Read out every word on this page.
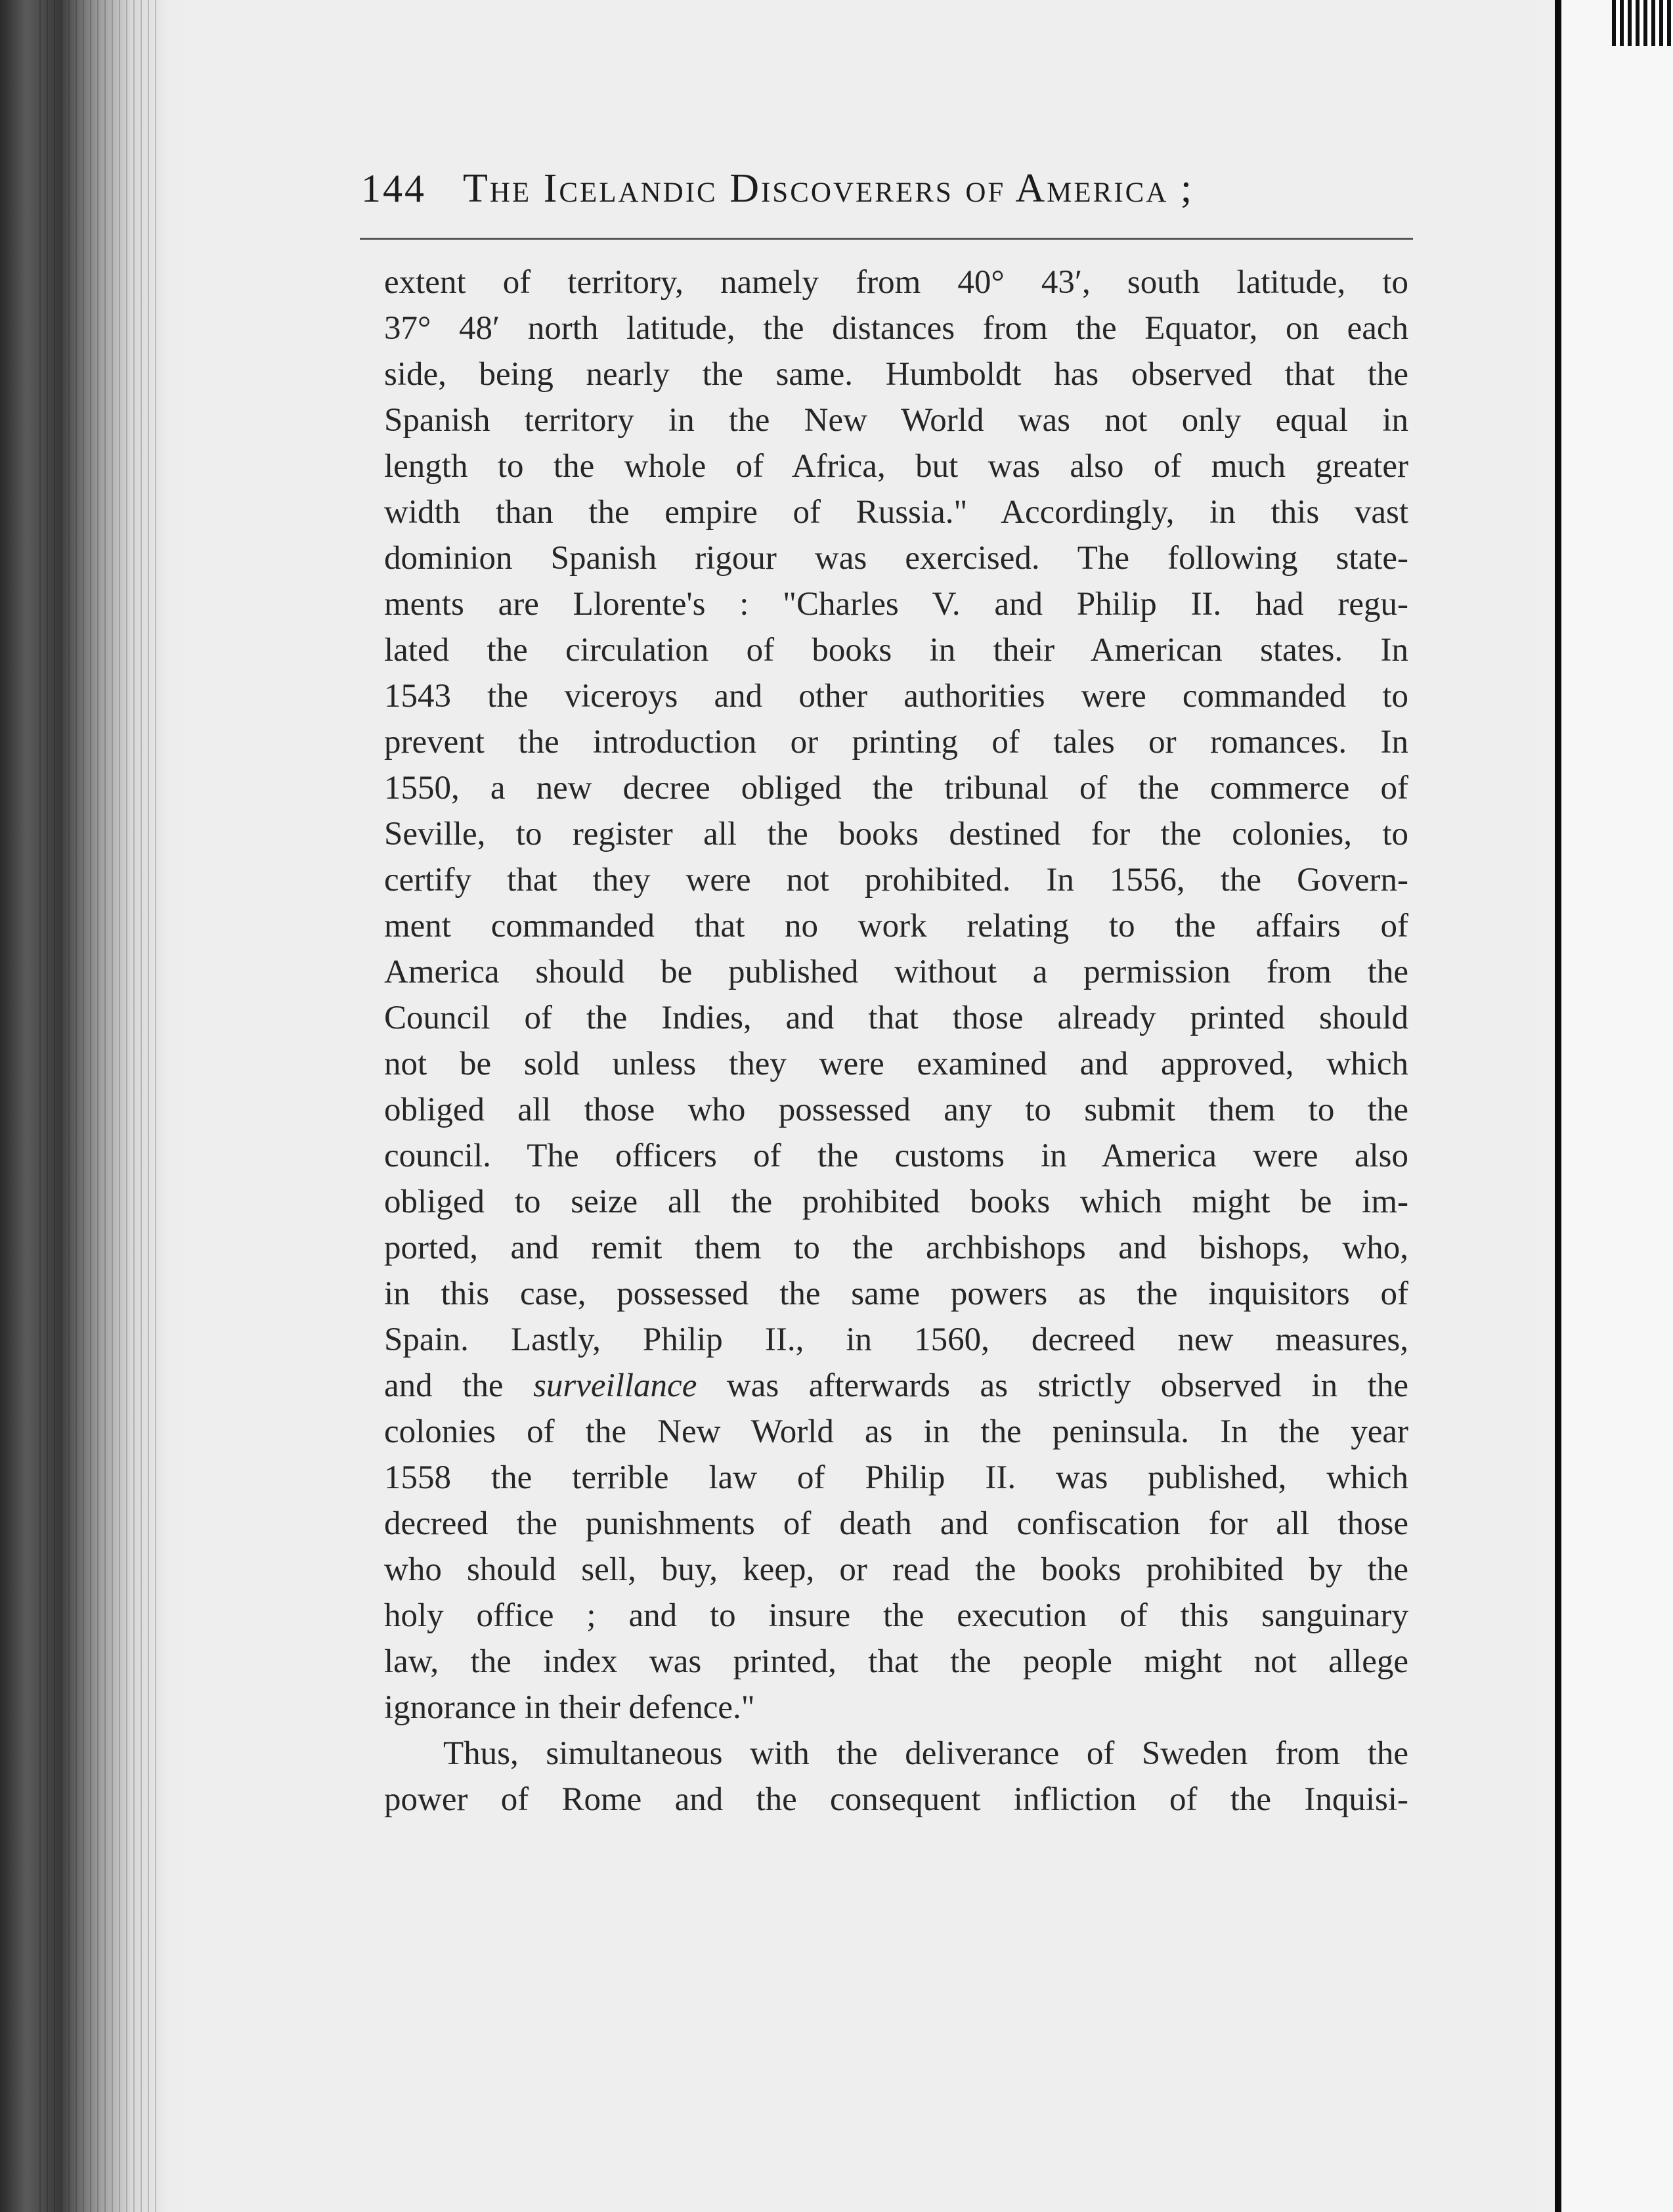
144 The Icelandic Discoverers of America ;
extent of territory, namely from 40° 43′, south latitude, to
37° 48′ north latitude, the distances from the Equator, on each
side, being nearly the same. Humboldt has observed that the
Spanish territory in the New World was not only equal in
length to the whole of Africa, but was also of much greater
width than the empire of Russia." Accordingly, in this vast
dominion Spanish rigour was exercised. The following state-
ments are Llorente's : "Charles V. and Philip II. had regu-
lated the circulation of books in their American states. In
1543 the viceroys and other authorities were commanded to
prevent the introduction or printing of tales or romances. In
1550, a new decree obliged the tribunal of the commerce of
Seville, to register all the books destined for the colonies, to
certify that they were not prohibited. In 1556, the Govern-
ment commanded that no work relating to the affairs of
America should be published without a permission from the
Council of the Indies, and that those already printed should
not be sold unless they were examined and approved, which
obliged all those who possessed any to submit them to the
council. The officers of the customs in America were also
obliged to seize all the prohibited books which might be im-
ported, and remit them to the archbishops and bishops, who,
in this case, possessed the same powers as the inquisitors of
Spain. Lastly, Philip II., in 1560, decreed new measures,
and the surveillance was afterwards as strictly observed in the
colonies of the New World as in the peninsula. In the year
1558 the terrible law of Philip II. was published, which
decreed the punishments of death and confiscation for all those
who should sell, buy, keep, or read the books prohibited by the
holy office ; and to insure the execution of this sanguinary
law, the index was printed, that the people might not allege
ignorance in their defence."
Thus, simultaneous with the deliverance of Sweden from the
power of Rome and the consequent infliction of the Inquisi-
